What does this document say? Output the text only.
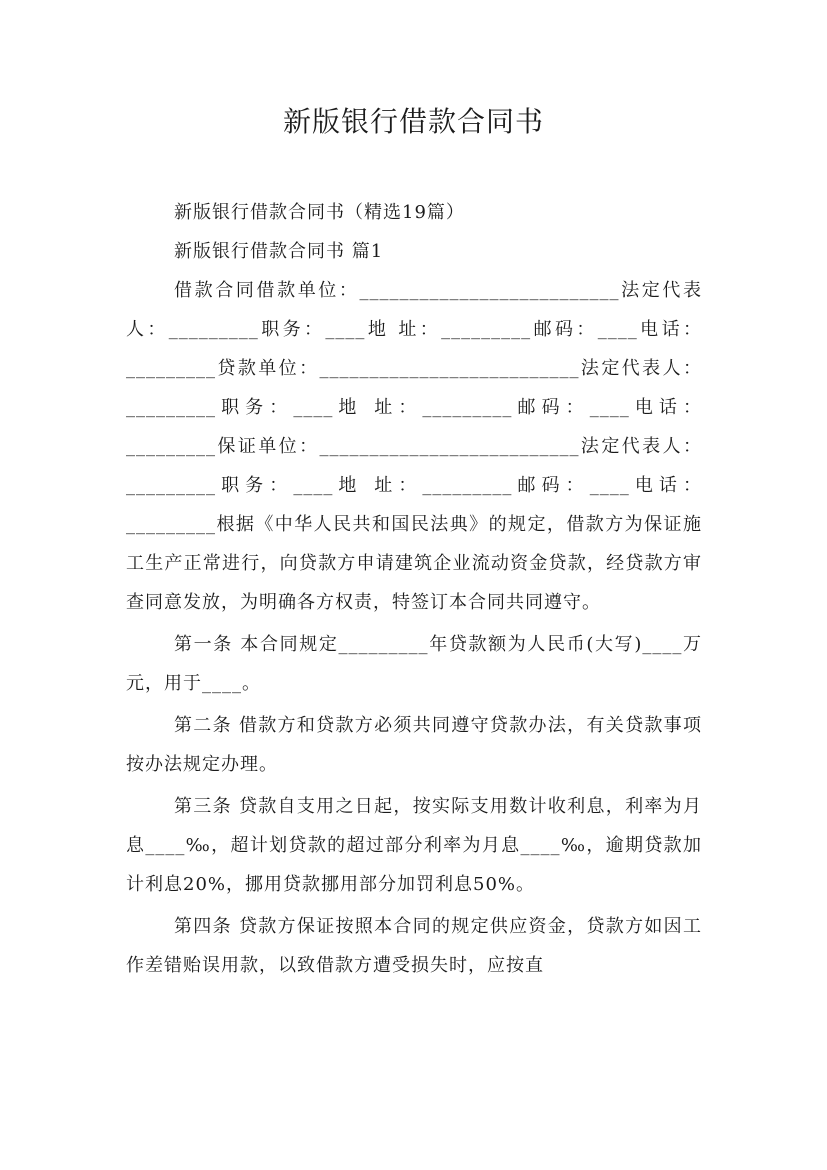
新版银行借款合同书

新版银行借款合同书（精选19篇）

新版银行借款合同书 篇1

借款合同借款单位：__________________________法定代表人：_________职务：____地 址：_________邮码：____电话：_________贷款单位：__________________________法定代表人：_________职务：____地 址：_________邮码：____电话：_________保证单位：__________________________法定代表人：_________职务：____地 址：_________邮码：____电话：_________根据《中华人民共和国民法典》的规定，借款方为保证施工生产正常进行，向贷款方申请建筑企业流动资金贷款，经贷款方审查同意发放，为明确各方权责，特签订本合同共同遵守。

第一条 本合同规定_________年贷款额为人民币(大写)____万元，用于____。

第二条 借款方和贷款方必须共同遵守贷款办法，有关贷款事项按办法规定办理。

第三条 贷款自支用之日起，按实际支用数计收利息，利率为月息____‰，超计划贷款的超过部分利率为月息____‰，逾期贷款加计利息20%，挪用贷款挪用部分加罚利息50%。

第四条 贷款方保证按照本合同的规定供应资金，贷款方如因工作差错贻误用款，以致借款方遭受损失时，应按直
